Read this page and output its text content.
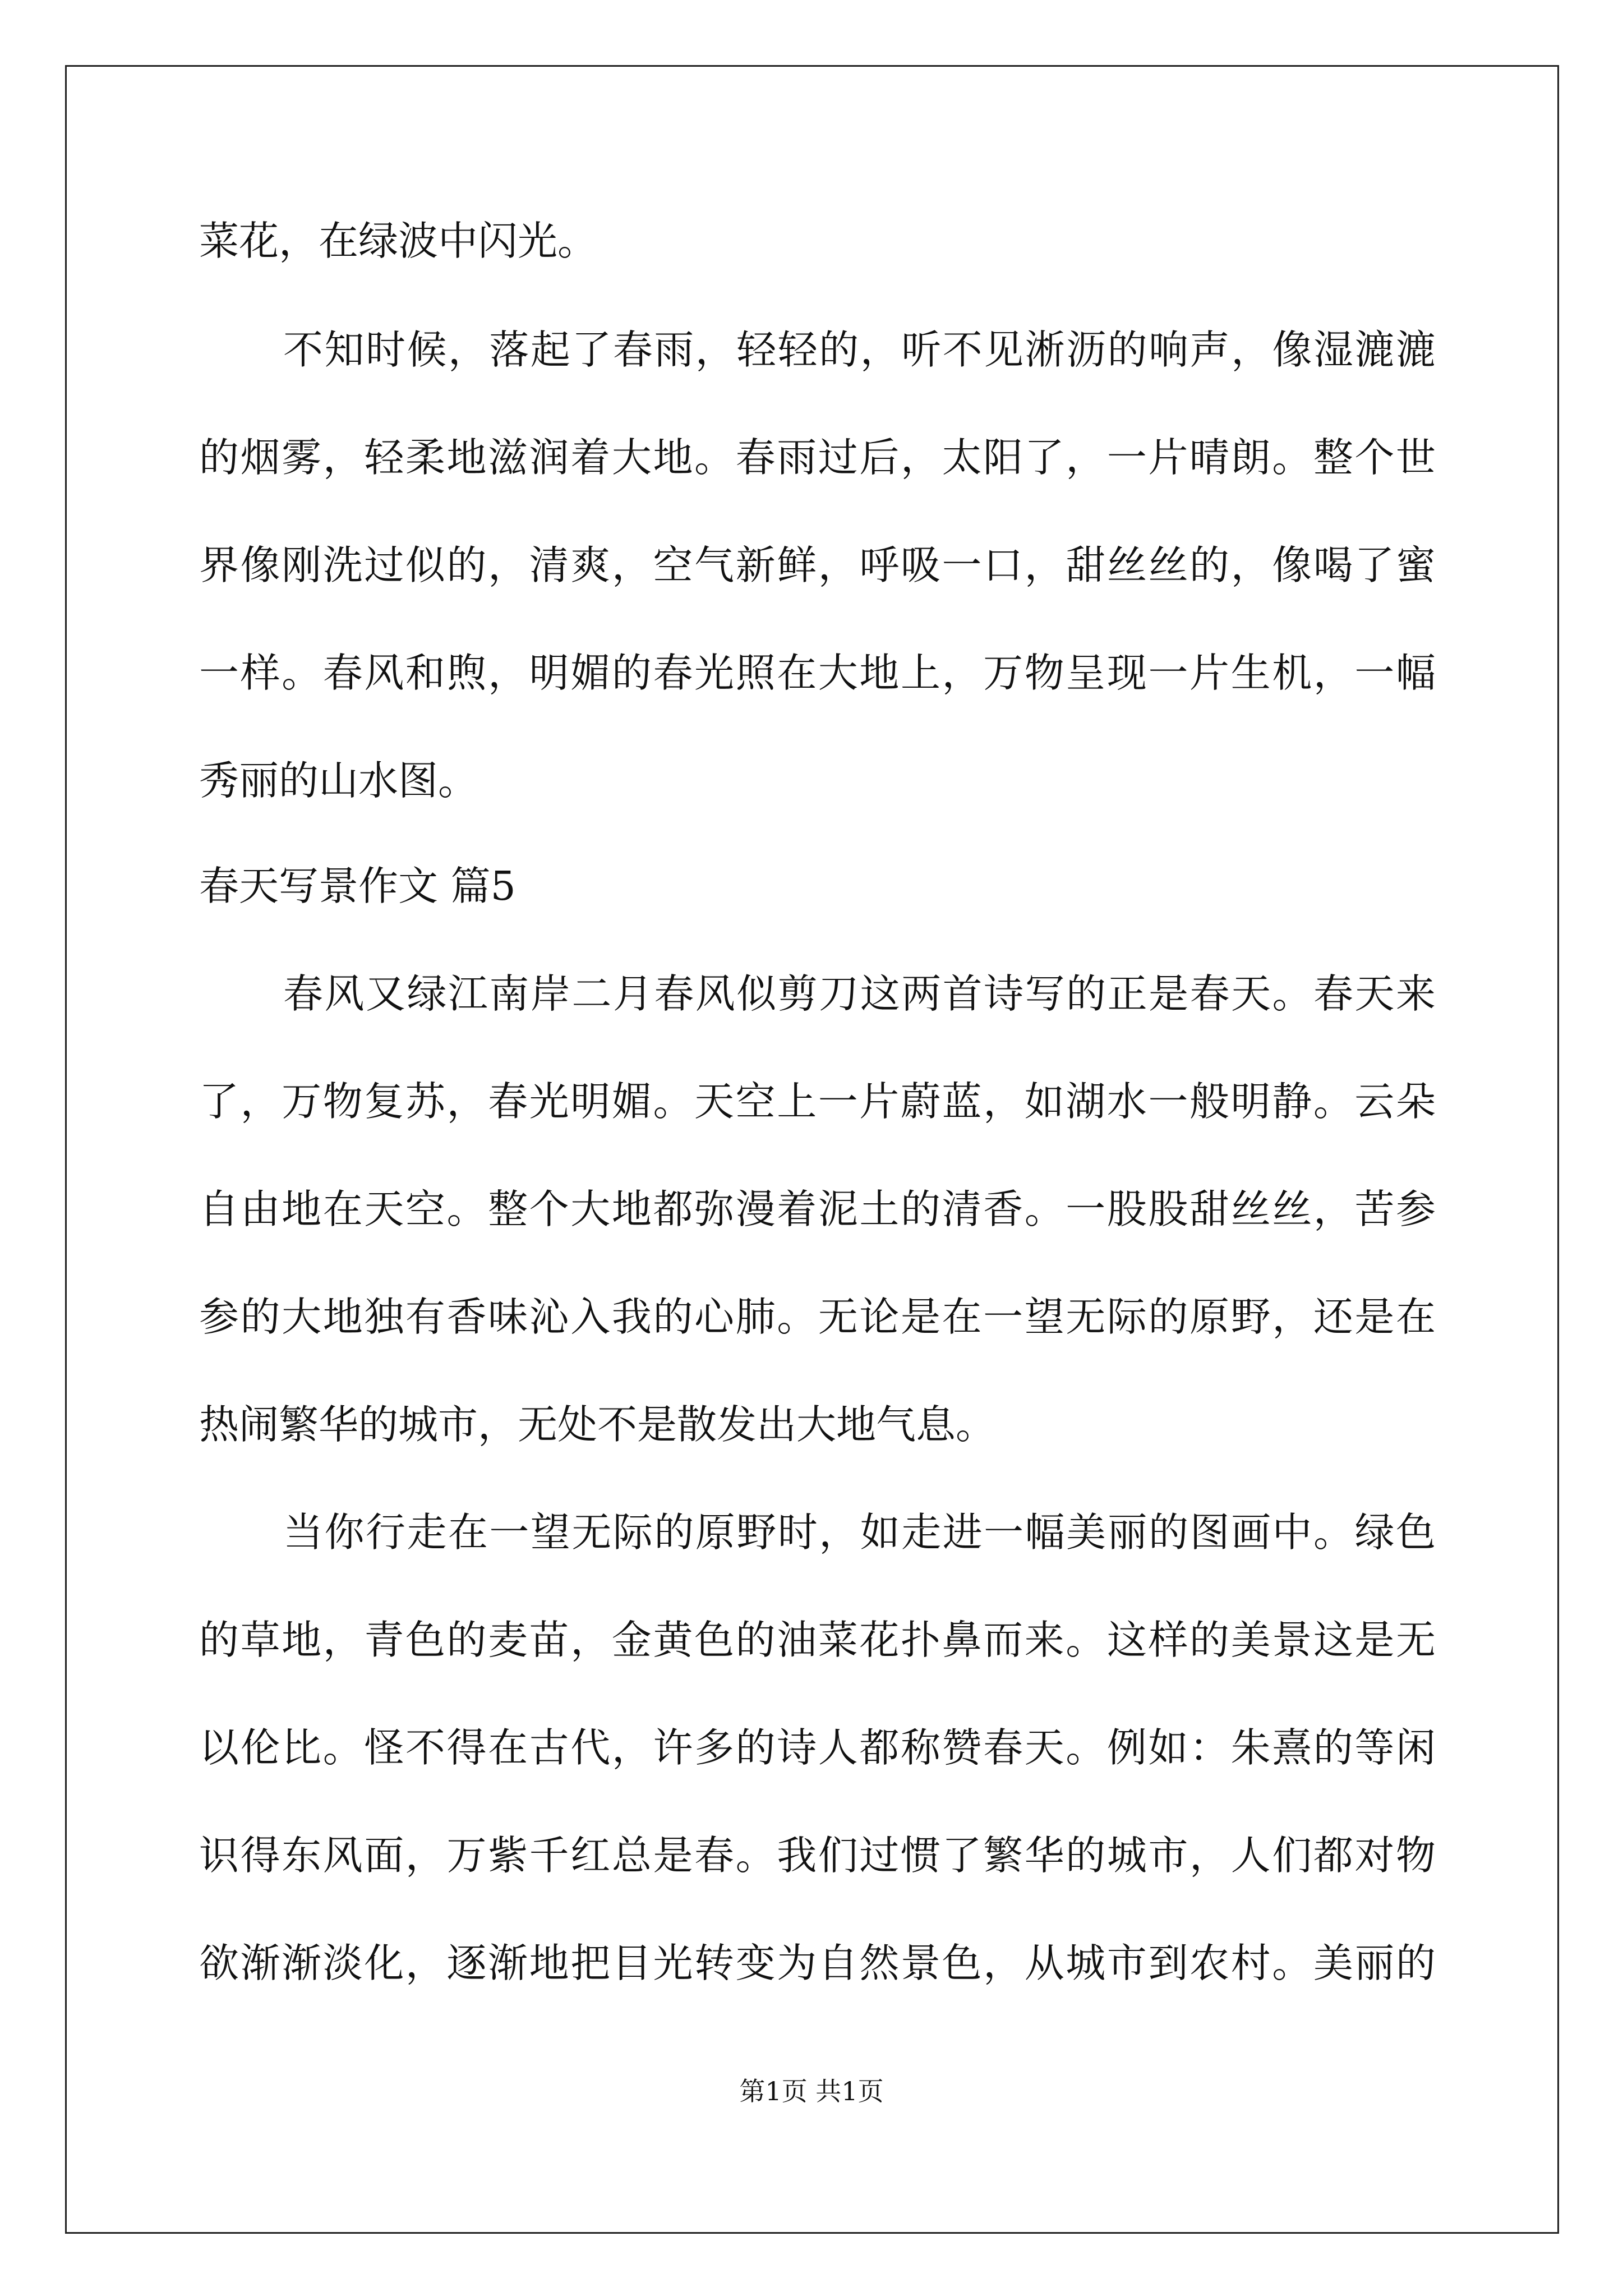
菜花，在绿波中闪光。

不知时候，落起了春雨，轻轻的，听不见淅沥的响声，像湿漉漉

的烟雾，轻柔地滋润着大地。春雨过后，太阳了，一片晴朗。整个世

界像刚洗过似的，清爽，空气新鲜，呼吸一口，甜丝丝的，像喝了蜜

一样。春风和煦，明媚的春光照在大地上，万物呈现一片生机，一幅

秀丽的山水图。

春天写景作文 篇5

春风又绿江南岸二月春风似剪刀这两首诗写的正是春天。春天来

了，万物复苏，春光明媚。天空上一片蔚蓝，如湖水一般明静。云朵

自由地在天空。整个大地都弥漫着泥土的清香。一股股甜丝丝，苦参

参的大地独有香味沁入我的心肺。无论是在一望无际的原野，还是在

热闹繁华的城市，无处不是散发出大地气息。

当你行走在一望无际的原野时，如走进一幅美丽的图画中。绿色

的草地，青色的麦苗，金黄色的油菜花扑鼻而来。这样的美景这是无

以伦比。怪不得在古代，许多的诗人都称赞春天。例如：朱熹的等闲

识得东风面，万紫千红总是春。我们过惯了繁华的城市，人们都对物

欲渐渐淡化，逐渐地把目光转变为自然景色，从城市到农村。美丽的

第1页 共1页
